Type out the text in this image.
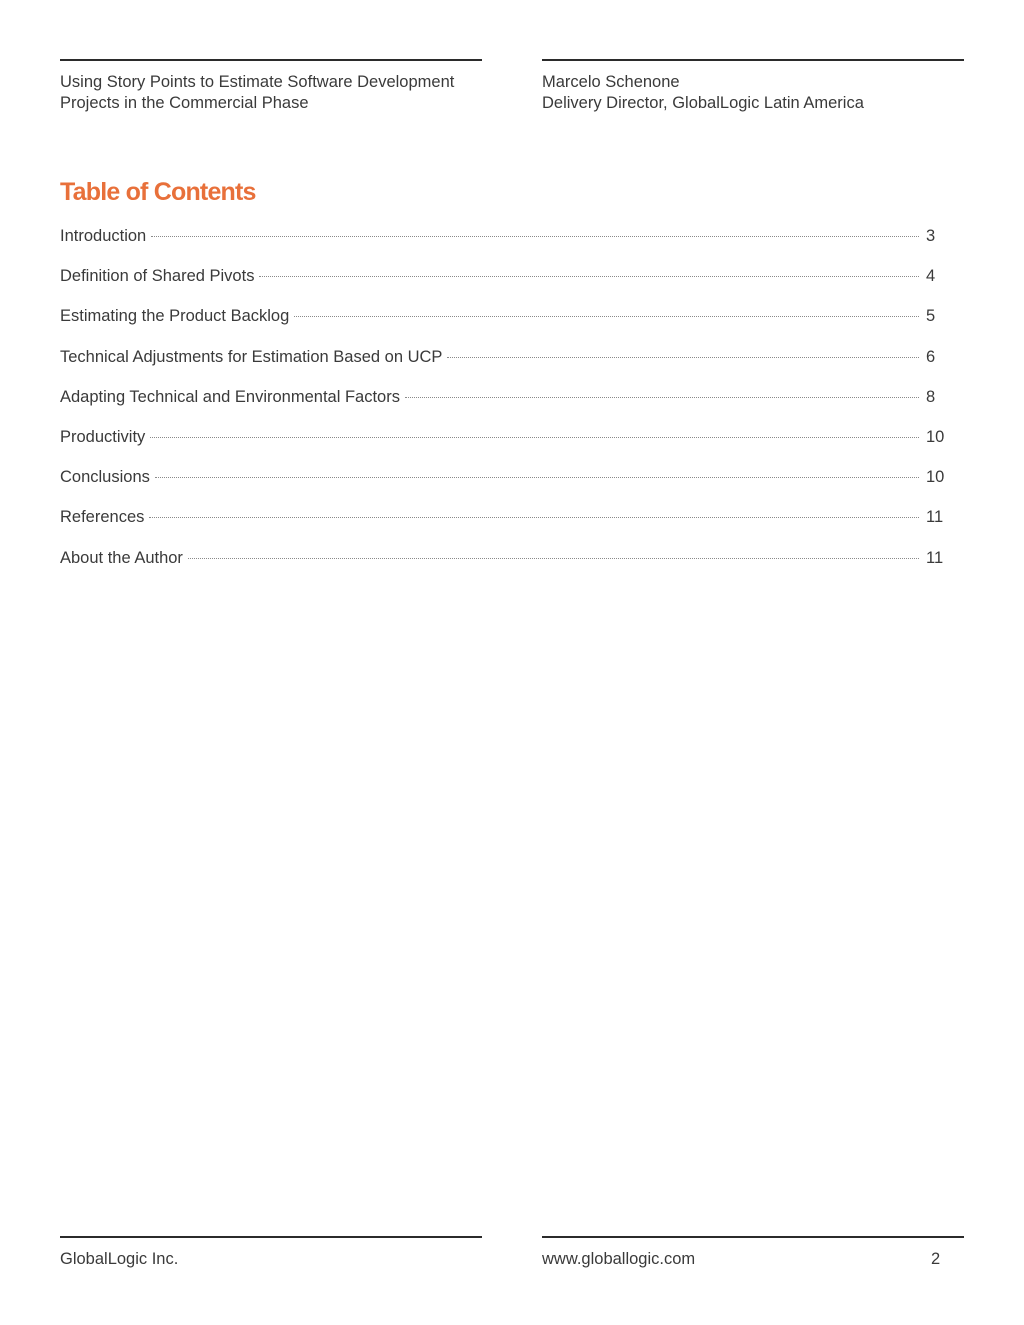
Using Story Points to Estimate Software Development
Projects in the Commercial Phase
Marcelo Schenone
Delivery Director, GlobalLogic Latin America
Table of Contents
Introduction	3
Definition of Shared Pivots	4
Estimating the Product Backlog	5
Technical Adjustments for Estimation Based on UCP	6
Adapting Technical and Environmental Factors	8
Productivity	10
Conclusions	10
References	11
About the Author	11
GlobalLogic Inc.	www.globallogic.com	2
